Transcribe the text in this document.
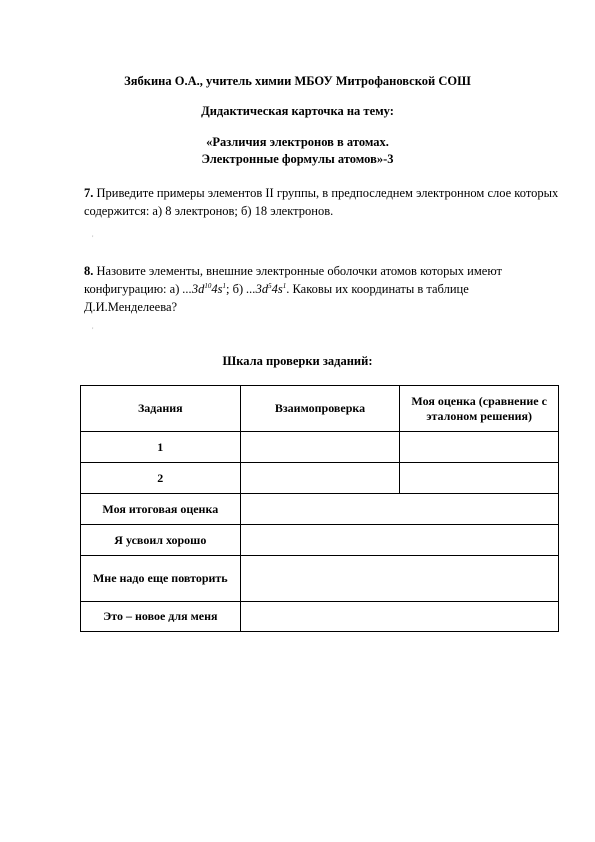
Зябкина О.А., учитель химии МБОУ Митрофановской СОШ
Дидактическая карточка на тему:
«Различия электронов в атомах.
Электронные формулы атомов»-3
7. Приведите примеры элементов II группы, в предпоследнем электронном слое которых содержится: а) 8 электронов; б) 18 электронов.
,
8. Назовите элементы, внешние электронные оболочки атомов которых имеют конфигурацию: а) $...3d^{10}4s^1$; б) $...3d^54s^1$. Каковы их координаты в таблице Д.И.Менделеева?
,
Шкала проверки заданий:
Задания	Взаимопроверка	Моя оценка (сравнение с эталоном решения)
1		
2		
Моя итоговая оценка		
Я усвоил хорошо		
Мне надо еще повторить		
Это – новое для меня		
